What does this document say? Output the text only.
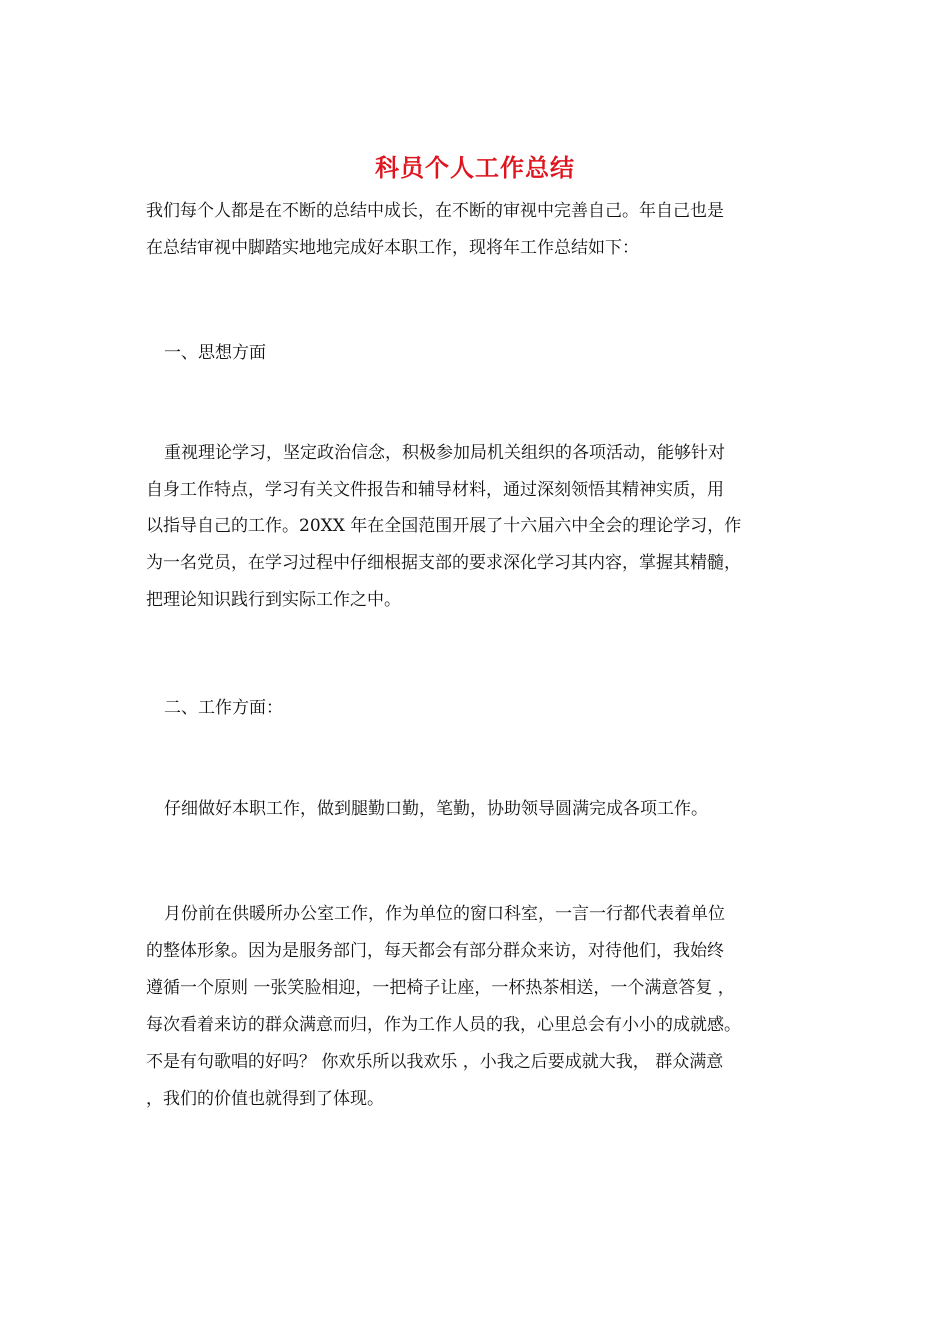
科员个人工作总结
我们每个人都是在不断的总结中成长，在不断的审视中完善自己。年自己也是
在总结审视中脚踏实地地完成好本职工作，现将年工作总结如下：
一、思想方面
重视理论学习，坚定政治信念，积极参加局机关组织的各项活动，能够针对
自身工作特点，学习有关文件报告和辅导材料，通过深刻领悟其精神实质，用
以指导自己的工作。20XX 年在全国范围开展了十六届六中全会的理论学习，作
为一名党员，在学习过程中仔细根据支部的要求深化学习其内容，掌握其精髓，
把理论知识践行到实际工作之中。
二、工作方面：
仔细做好本职工作，做到腿勤口勤，笔勤，协助领导圆满完成各项工作。
月份前在供暖所办公室工作，作为单位的窗口科室，一言一行都代表着单位
的整体形象。因为是服务部门，每天都会有部分群众来访，对待他们，我始终
遵循一个原则 一张笑脸相迎，一把椅子让座，一杯热茶相送，一个满意答复 ，
每次看着来访的群众满意而归，作为工作人员的我，心里总会有小小的成就感。
不是有句歌唱的好吗？ 你欢乐所以我欢乐 ，小我之后要成就大我， 群众满意
，我们的价值也就得到了体现。
